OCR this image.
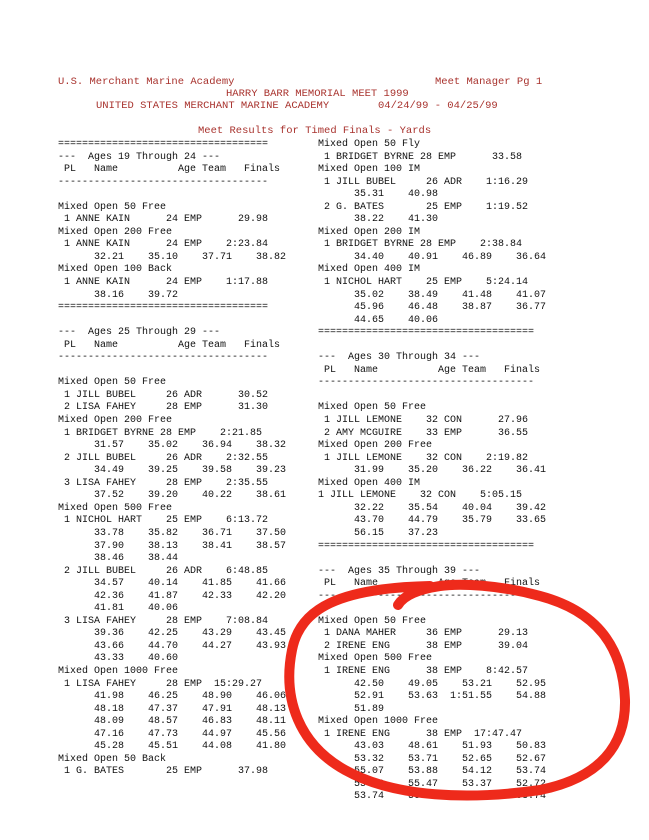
U.S. Merchant Marine Academy

	Meet Manager Pg 1

HARRY BARR MEMORIAL MEET 1999

UNITED STATES MERCHANT MARINE ACADEMY

	04/24/99 - 04/25/99

Meet Results for Timed Finals - Yards

===================================
---  Ages 19 Through 24 ---
PL   Name          Age Team   Finals
-----------------------------------
Mixed Open 50 Free
1 ANNE KAIN      24 EMP      29.98
Mixed Open 200 Free
1 ANNE KAIN      24 EMP    2:23.84
32.21    35.10    37.71    38.82
Mixed Open 100 Back
1 ANNE KAIN      24 EMP    1:17.88
38.16    39.72
===================================
---  Ages 25 Through 29 ---
PL   Name          Age Team   Finals
-----------------------------------
Mixed Open 50 Free
1 JILL BUBEL     26 ADR      30.52
2 LISA FAHEY     28 EMP      31.30
Mixed Open 200 Free
1 BRIDGET BYRNE 28 EMP    2:21.85
31.57    35.02    36.94    38.32
2 JILL BUBEL     26 ADR    2:32.55
34.49    39.25    39.58    39.23
3 LISA FAHEY     28 EMP    2:35.55
37.52    39.20    40.22    38.61
Mixed Open 500 Free
1 NICHOL HART    25 EMP    6:13.72
33.78    35.82    36.71    37.50
37.90    38.13    38.41    38.57
38.46    38.44
2 JILL BUBEL     26 ADR    6:48.85
34.57    40.14    41.85    41.66
42.36    41.87    42.33    42.20
41.81    40.06
3 LISA FAHEY     28 EMP    7:08.84
39.36    42.25    43.29    43.45
43.66    44.70    44.27    43.93
43.33    40.60
Mixed Open 1000 Free
1 LISA FAHEY     28 EMP  15:29.27
41.98    46.25    48.90    46.06
48.18    47.37    47.91    48.13
48.09    48.57    46.83    48.11
47.16    47.73    44.97    45.56
45.28    45.51    44.08    41.80
Mixed Open 50 Back
1 G. BATES       25 EMP      37.98
Mixed Open 50 Fly
1 BRIDGET BYRNE 28 EMP      33.58
Mixed Open 100 IM
1 JILL BUBEL     26 ADR    1:16.29
35.31    40.98
2 G. BATES       25 EMP    1:19.52
38.22    41.30
Mixed Open 200 IM
1 BRIDGET BYRNE 28 EMP    2:38.84
34.40    40.91    46.89    36.64
Mixed Open 400 IM
1 NICHOL HART    25 EMP    5:24.14
35.02    38.49    41.48    41.07
45.96    46.48    38.87    36.77
44.65    40.06
====================================
---  Ages 30 Through 34 ---
PL   Name          Age Team   Finals
------------------------------------
Mixed Open 50 Free
1 JILL LEMONE    32 CON      27.96
2 AMY MCGUIRE    33 EMP      36.55
Mixed Open 200 Free
1 JILL LEMONE    32 CON    2:19.82
31.99    35.20    36.22    36.41
Mixed Open 400 IM
1 JILL LEMONE    32 CON    5:05.15
32.22    35.54    40.04    39.42
43.70    44.79    35.79    33.65
56.15    37.23
====================================
---  Ages 35 Through 39 ---
PL   Name          Age Team   Finals
------------------------------------
Mixed Open 50 Free
1 DANA MAHER     36 EMP      29.13
2 IRENE ENG      38 EMP      39.04
Mixed Open 500 Free
1 IRENE ENG      38 EMP    8:42.57
42.50    49.05    53.21    52.95
52.91    53.63  1:51.55    54.88
51.89
Mixed Open 1000 Free
1 IRENE ENG      38 EMP  17:47.47
43.03    48.61    51.93    50.83
53.32    53.71    52.65    52.67
55.07    53.88    54.12    53.74
55.08    55.47    53.37    52.72
53.74    56.80    52.99  1:03.74
